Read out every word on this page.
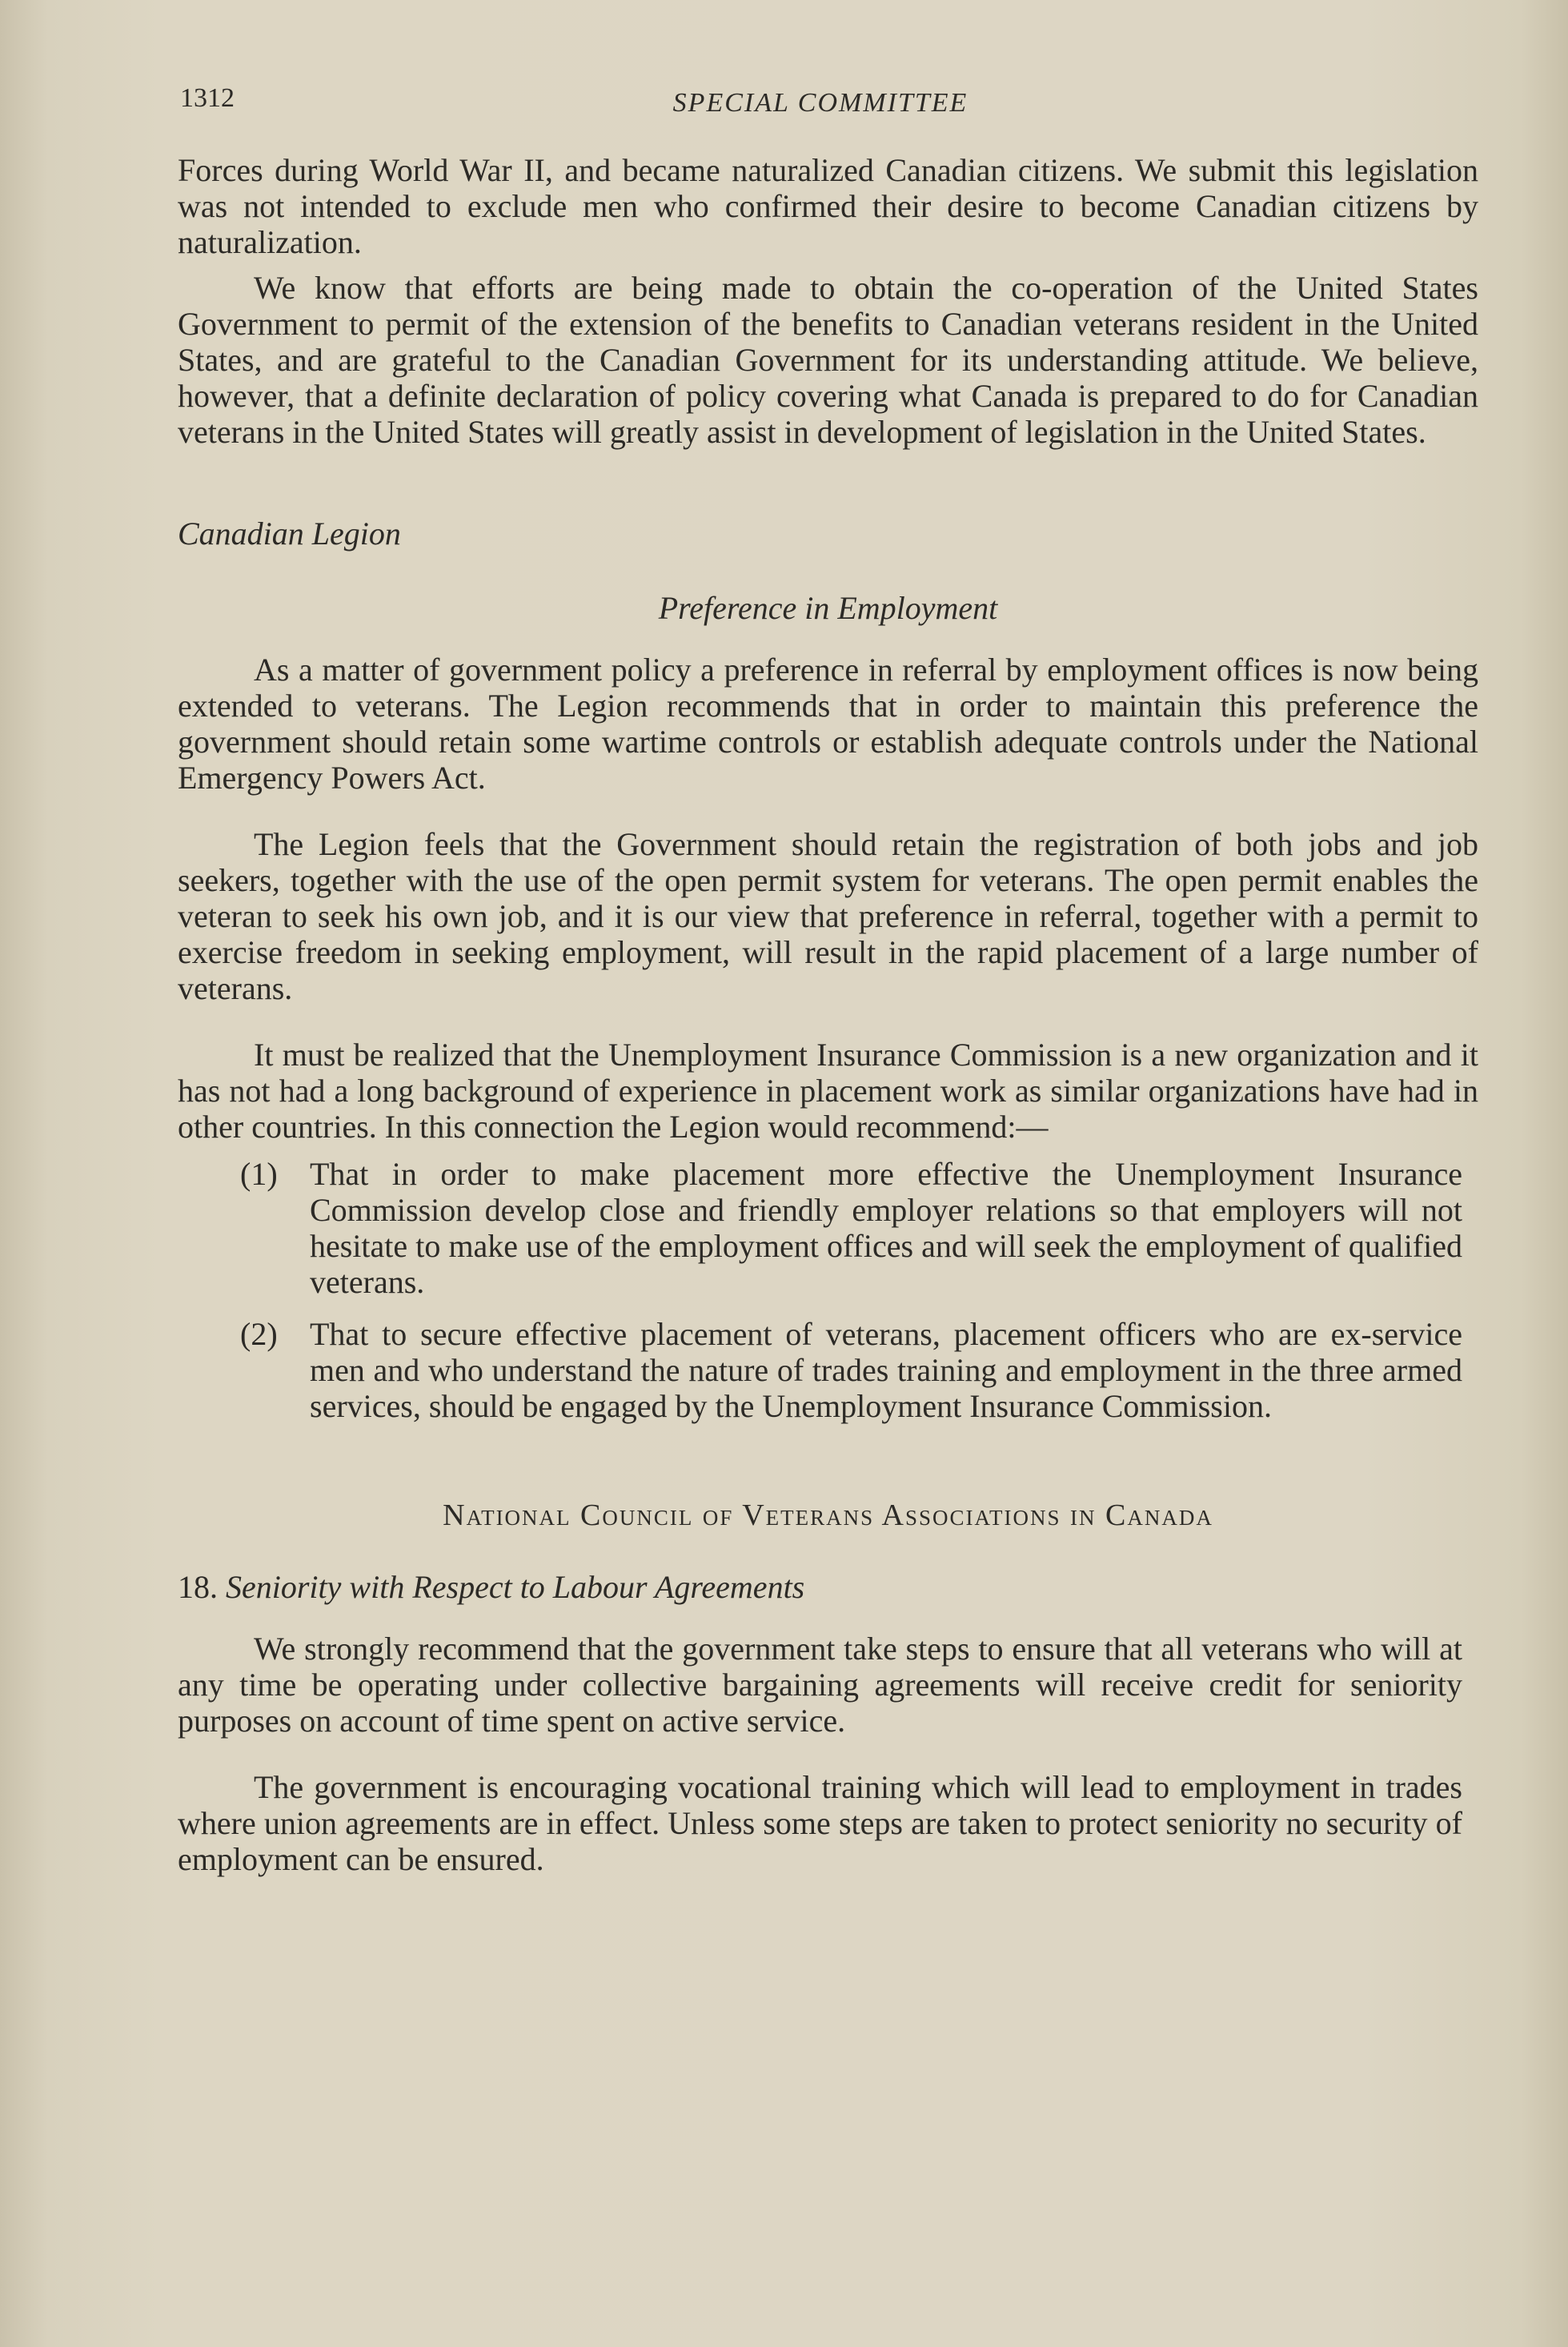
1312	SPECIAL COMMITTEE

Forces during World War II, and became naturalized Canadian citizens. We submit this legislation was not intended to exclude men who confirmed their desire to become Canadian citizens by naturalization.

We know that efforts are being made to obtain the co-operation of the United States Government to permit of the extension of the benefits to Canadian veterans resident in the United States, and are grateful to the Canadian Government for its understanding attitude. We believe, however, that a definite declaration of policy covering what Canada is prepared to do for Canadian veterans in the United States will greatly assist in development of legislation in the United States.

Canadian Legion

Preference in Employment

As a matter of government policy a preference in referral by employment offices is now being extended to veterans. The Legion recommends that in order to maintain this preference the government should retain some wartime controls or establish adequate controls under the National Emergency Powers Act.

The Legion feels that the Government should retain the registration of both jobs and job seekers, together with the use of the open permit system for veterans. The open permit enables the veteran to seek his own job, and it is our view that preference in referral, together with a permit to exercise freedom in seeking employment, will result in the rapid placement of a large number of veterans.

It must be realized that the Unemployment Insurance Commission is a new organization and it has not had a long background of experience in placement work as similar organizations have had in other countries. In this connection the Legion would recommend:—

(1) That in order to make placement more effective the Unemployment Insurance Commission develop close and friendly employer relations so that employers will not hesitate to make use of the employment offices and will seek the employment of qualified veterans.

(2) That to secure effective placement of veterans, placement officers who are ex-service men and who understand the nature of trades training and employment in the three armed services, should be engaged by the Unemployment Insurance Commission.

National Council of Veterans Associations in Canada

18. Seniority with Respect to Labour Agreements

We strongly recommend that the government take steps to ensure that all veterans who will at any time be operating under collective bargaining agreements will receive credit for seniority purposes on account of time spent on active service.

The government is encouraging vocational training which will lead to employment in trades where union agreements are in effect. Unless some steps are taken to protect seniority no security of employment can be ensured.
